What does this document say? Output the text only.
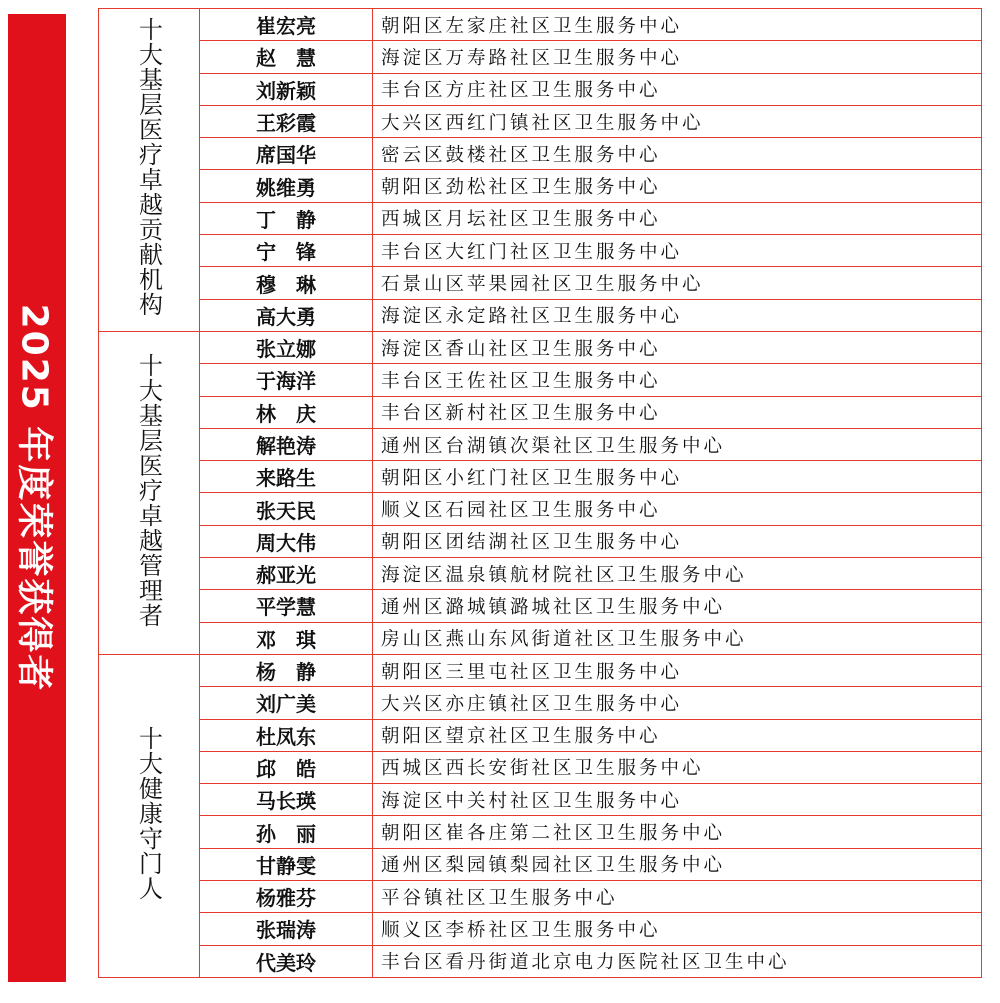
2025 年度荣誉获得者
十大基层医疗卓越贡献机构	崔宏亮	朝阳区左家庄社区卫生服务中心
	赵　慧	海淀区万寿路社区卫生服务中心
	刘新颖	丰台区方庄社区卫生服务中心
	王彩霞	大兴区西红门镇社区卫生服务中心
	席国华	密云区鼓楼社区卫生服务中心
	姚维勇	朝阳区劲松社区卫生服务中心
	丁　静	西城区月坛社区卫生服务中心
	宁　锋	丰台区大红门社区卫生服务中心
	穆　琳	石景山区苹果园社区卫生服务中心
	高大勇	海淀区永定路社区卫生服务中心
十大基层医疗卓越管理者	张立娜	海淀区香山社区卫生服务中心
	于海洋	丰台区王佐社区卫生服务中心
	林　庆	丰台区新村社区卫生服务中心
	解艳涛	通州区台湖镇次渠社区卫生服务中心
	来路生	朝阳区小红门社区卫生服务中心
	张天民	顺义区石园社区卫生服务中心
	周大伟	朝阳区团结湖社区卫生服务中心
	郝亚光	海淀区温泉镇航材院社区卫生服务中心
	平学慧	通州区潞城镇潞城社区卫生服务中心
	邓　琪	房山区燕山东风街道社区卫生服务中心
十大健康守门人	杨　静	朝阳区三里屯社区卫生服务中心
	刘广美	大兴区亦庄镇社区卫生服务中心
	杜凤东	朝阳区望京社区卫生服务中心
	邱　皓	西城区西长安街社区卫生服务中心
	马长瑛	海淀区中关村社区卫生服务中心
	孙　丽	朝阳区崔各庄第二社区卫生服务中心
	甘静雯	通州区梨园镇梨园社区卫生服务中心
	杨雅芬	平谷镇社区卫生服务中心
	张瑞涛	顺义区李桥社区卫生服务中心
	代美玲	丰台区看丹街道北京电力医院社区卫生中心
